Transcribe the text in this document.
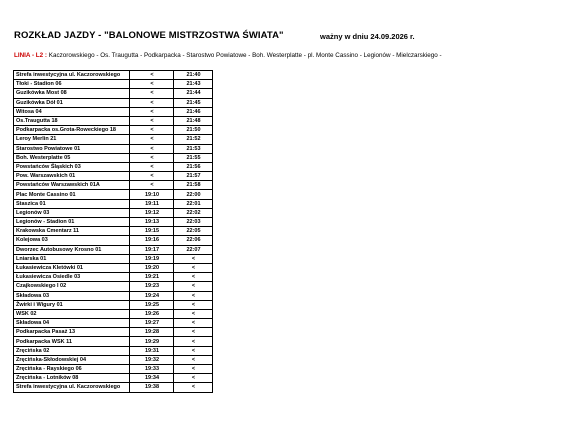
ROZKŁAD JAZDY - "BALONOWE MISTRZOSTWA ŚWIATA"	ważny w dniu 24.09.2026 r.
LINIA - L2 : Kaczorowskiego - Os. Traugutta - Podkarpacka - Starostwo Powiatowe - Boh. Westerplatte - pl. Monte Cassino - Legionów - Mielczarskiego -
Strefa inwestycyjna ul. Kaczorowskiego	<	21:40
Tłoki - Stadion 06	<	21:43
Guzikówka Most 08	<	21:44
Guzikówka Dół 01	<	21:45
Witosa 04	<	21:46
Os.Traugutta 18	<	21:48
Podkarpacka os.Grota-Roweckiego 18	<	21:50
Leroy Merlin 21	<	21:52
Starostwo Powiatowe 01	<	21:53
Boh. Westerplatte 05	<	21:55
Powstańców Śląskich 03	<	21:56
Pow. Warszawskich 01	<	21:57
Powstańców Warszawskich 01A	<	21:58
Plac Monte Cassino 01	19:10	22:00
Staszica 01	19:11	22:01
Legionów 03	19:12	22:02
Legionów - Stadion 01	19:13	22:03
Krakowska Cmentarz 11	19:15	22:05
Kolejowa 03	19:16	22:06
Dworzec Autobusowy Krosno 01	19:17	22:07
Lniarska 01	19:19	<
Łukasiewicza Kletówki 01	19:20	<
Łukasiewicza Osiedle 03	19:21	<
Czajkowskiego I 02	19:23	<
Składowa 03	19:24	<
Żwirki i Wigury 01	19:25	<
WSK 02	19:26	<
Składowa 04	19:27	<
Podkarpacka Pasaż 13	19:28	<
Podkarpacka WSK 11	19:29	<
Zręcińska 02	19:31	<
Zręcińska-Skłodowskiej 04	19:32	<
Zręcińska - Rayskiego 06	19:33	<
Zręcińska - Lotników 08	19:34	<
Strefa inwestycyjna ul. Kaczorowskiego	19:38	<
